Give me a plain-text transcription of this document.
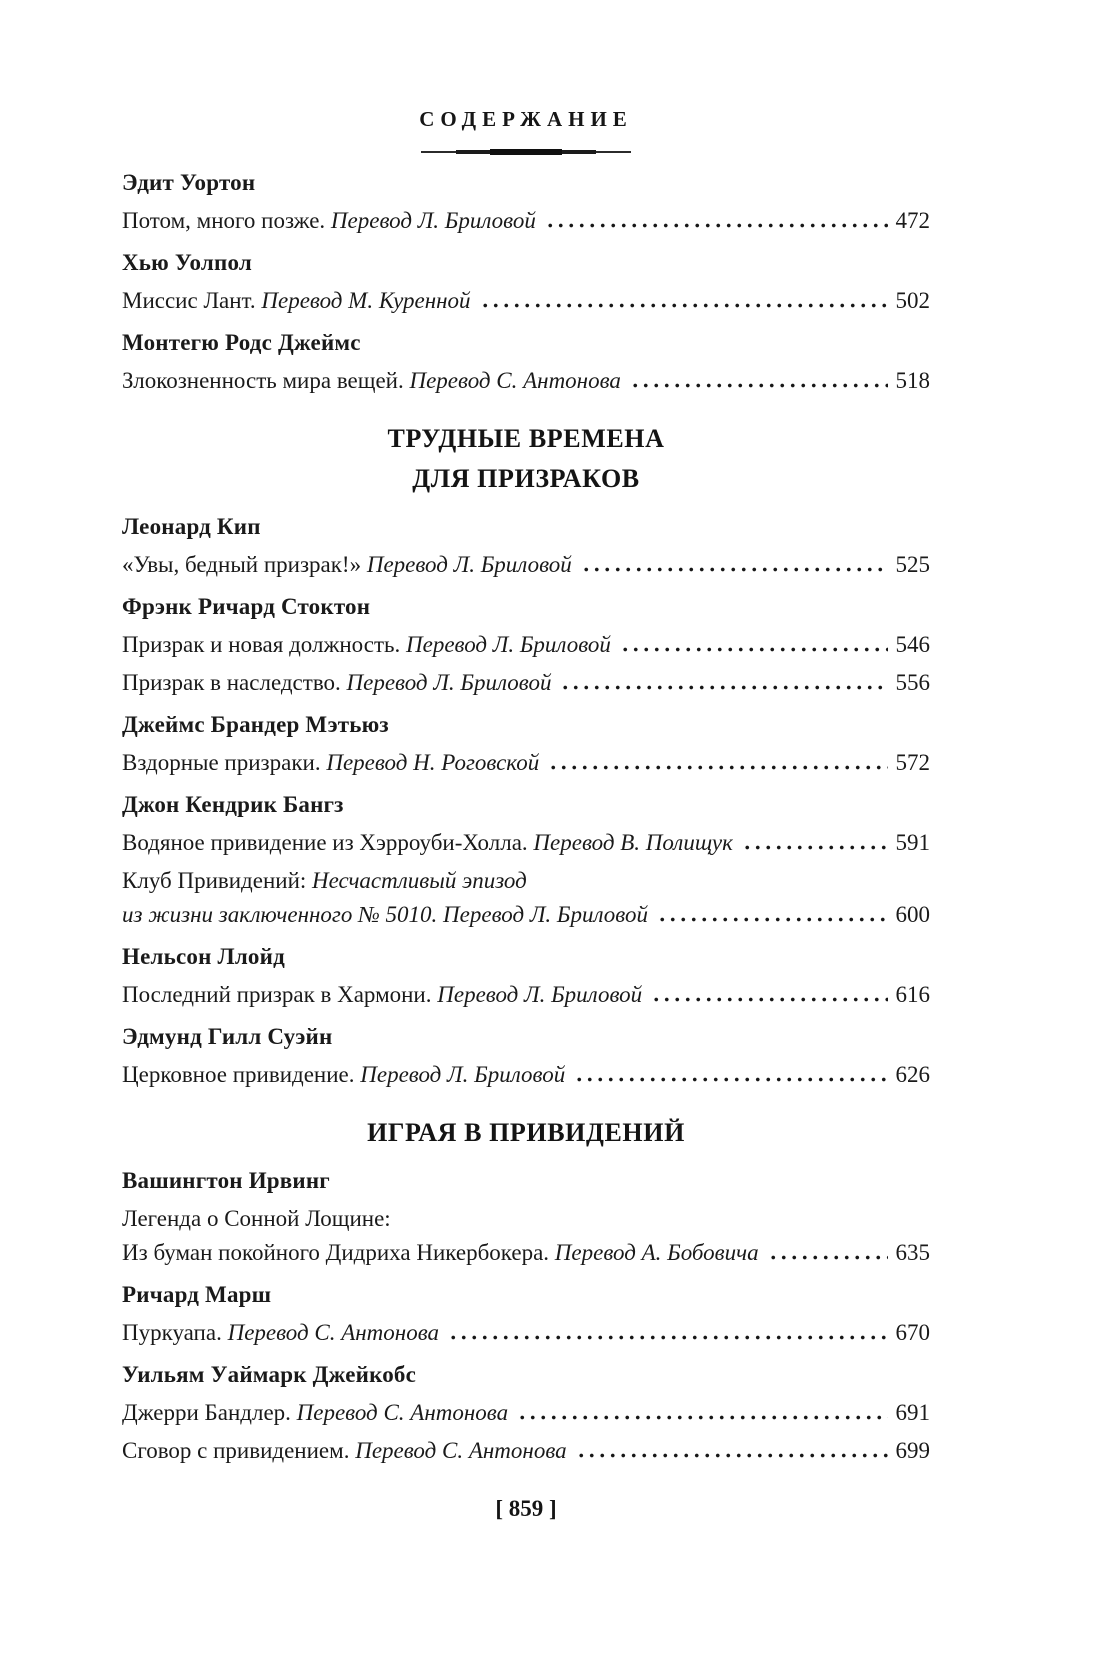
СОДЕРЖАНИЕ
Эдит Уортон
Потом, много позже. Перевод Л. Бриловой	472
Хью Уолпол
Миссис Лант. Перевод М. Куренной	502
Монтегю Родс Джеймс
Злокозненность мира вещей. Перевод С. Антонова	518
ТРУДНЫЕ ВРЕМЕНА
ДЛЯ ПРИЗРАКОВ
Леонард Кип
«Увы, бедный призрак!» Перевод Л. Бриловой	525
Фрэнк Ричард Стоктон
Призрак и новая должность. Перевод Л. Бриловой	546
Призрак в наследство. Перевод Л. Бриловой	556
Джеймс Брандер Мэтьюз
Вздорные призраки. Перевод Н. Роговской	572
Джон Кендрик Бангз
Водяное привидение из Хэрроуби-Холла. Перевод В. Полищук	591
Клуб Привидений: Несчастливый эпизод
из жизни заключенного № 5010. Перевод Л. Бриловой	600
Нельсон Ллойд
Последний призрак в Хармони. Перевод Л. Бриловой	616
Эдмунд Гилл Суэйн
Церковное привидение. Перевод Л. Бриловой	626
ИГРАЯ В ПРИВИДЕНИЙ
Вашингтон Ирвинг
Легенда о Сонной Лощине:
Из буман покойного Дидриха Никербокера. Перевод А. Бобовича	635
Ричард Марш
Пуркуапа. Перевод С. Антонова	670
Уильям Уаймарк Джейкобс
Джерри Бандлер. Перевод С. Антонова	691
Сговор с привидением. Перевод С. Антонова	699
[ 859 ]
